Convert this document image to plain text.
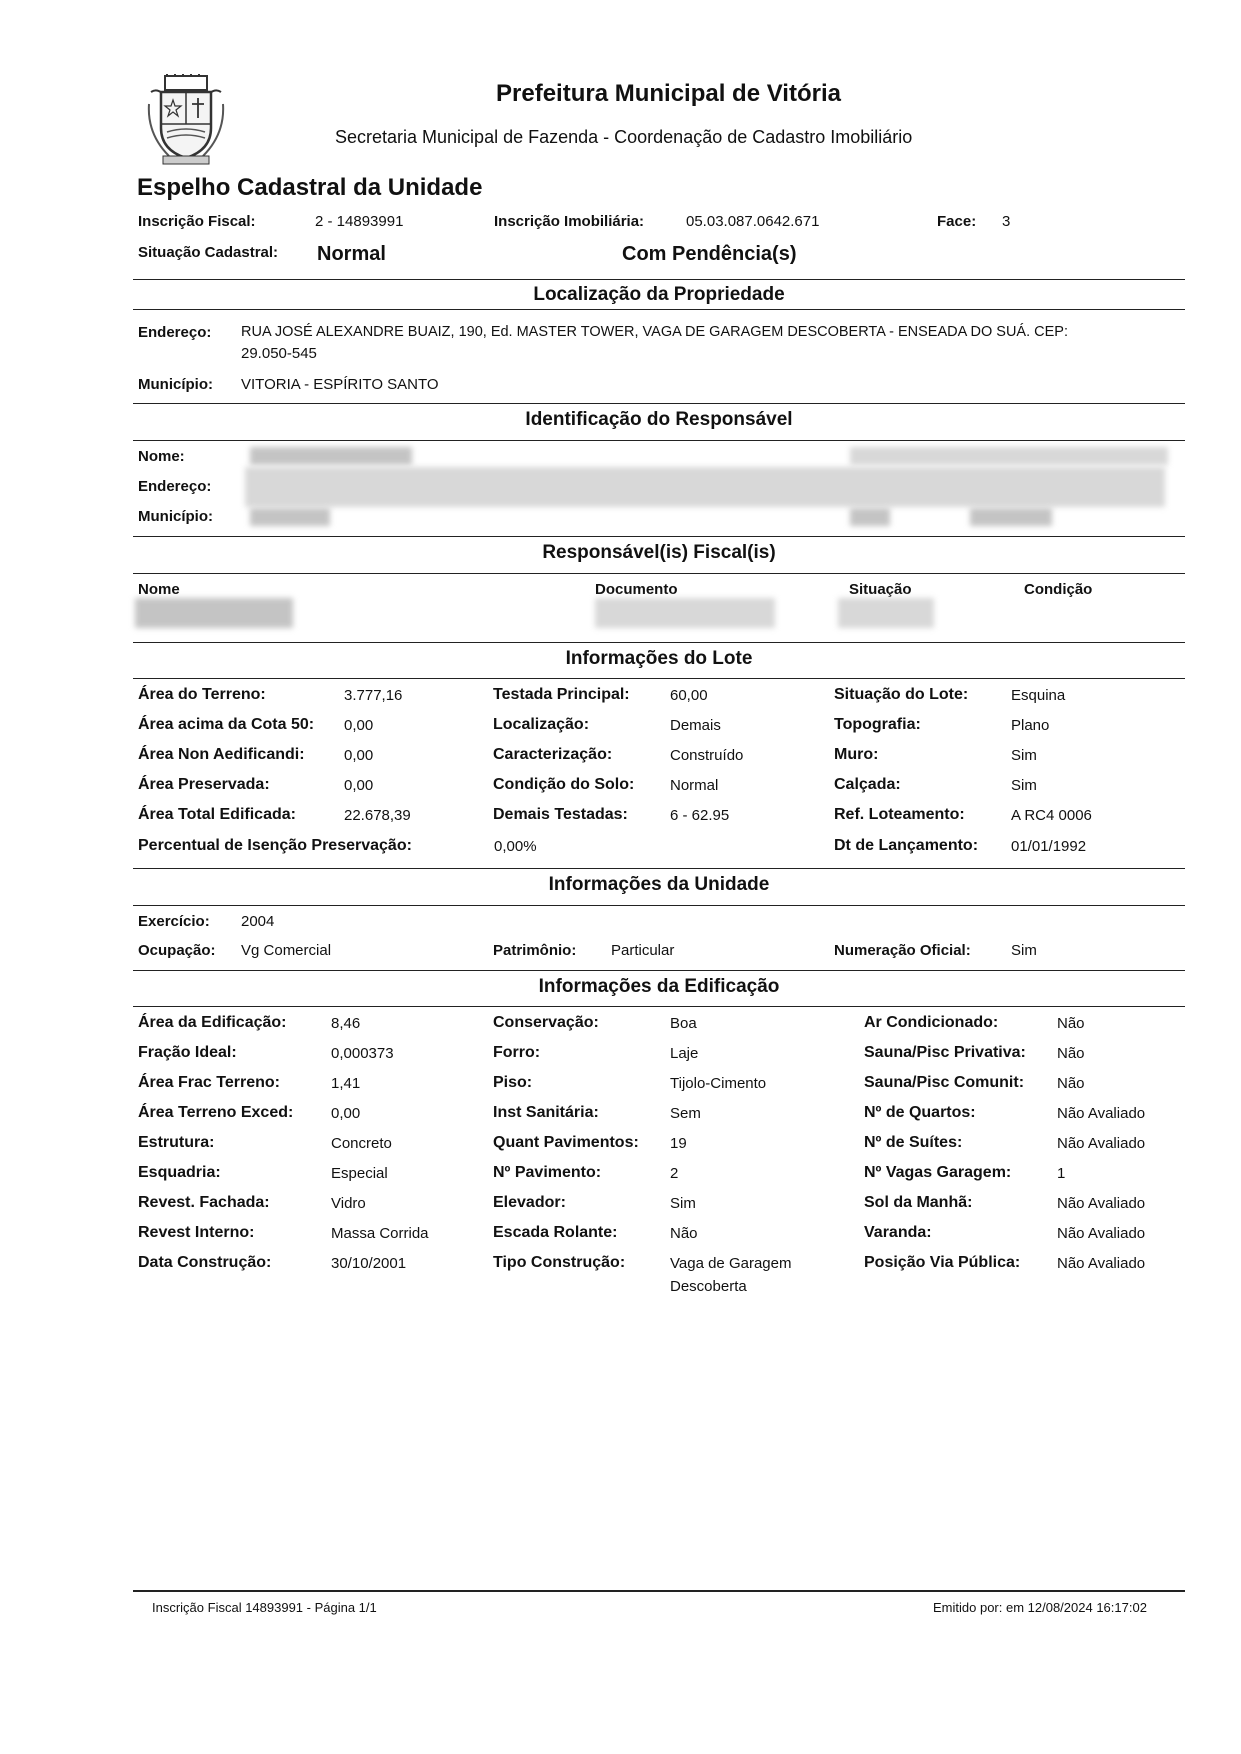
Prefeitura Municipal de Vitória
Secretaria Municipal de Fazenda - Coordenação de Cadastro Imobiliário
Espelho Cadastral da Unidade
Inscrição Fiscal:	2 - 14893991	Inscrição Imobiliária:	05.03.087.0642.671	Face: 3
Situação Cadastral: Normal	Com Pendência(s)
Localização da Propriedade
Endereço: RUA JOSÉ ALEXANDRE BUAIZ, 190, Ed. MASTER TOWER, VAGA DE GARAGEM DESCOBERTA - ENSEADA DO SUÁ. CEP:
29.050-545
Município: VITORIA - ESPÍRITO SANTO
Identificação do Responsável
Nome:
Endereço:
Município:
Responsável(is) Fiscal(is)
Nome	Documento	Situação	Condição
Informações do Lote
Área do Terreno:	3.777,16	Testada Principal:	60,00	Situação do Lote:	Esquina
Área acima da Cota 50: 0,00	Localização:	Demais	Topografia:	Plano
Área Non Aedificandi:	0,00	Caracterização:	Construído	Muro:	Sim
Área Preservada:	0,00	Condição do Solo: Normal	Calçada:	Sim
Área Total Edificada:	22.678,39	Demais Testadas:	6 - 62.95	Ref. Loteamento:	A RC4 0006
Percentual de Isenção Preservação:	0,00%	Dt de Lançamento: 01/01/1992
Informações da Unidade
Exercício: 2004
Ocupação: Vg Comercial	Patrimônio: Particular	Numeração Oficial:	Sim
Informações da Edificação
Área da Edificação:	8,46	Conservação:	Boa	Ar Condicionado:	Não
Fração Ideal:	0,000373	Forro:	Laje	Sauna/Pisc Privativa: Não
Área Frac Terreno:	1,41	Piso:	Tijolo-Cimento	Sauna/Pisc Comunit: Não
Área Terreno Exced:	0,00	Inst Sanitária:	Sem	Nº de Quartos:	Não Avaliado
Estrutura:	Concreto	Quant Pavimentos: 19	Nº de Suítes:	Não Avaliado
Esquadria:	Especial	Nº Pavimento:	2	Nº Vagas Garagem:	1
Revest. Fachada:	Vidro	Elevador:	Sim	Sol da Manhã:	Não Avaliado
Revest Interno:	Massa Corrida	Escada Rolante:	Não	Varanda:	Não Avaliado
Data Construção:	30/10/2001	Tipo Construção:	Vaga de Garagem	Posição Via Pública: Não Avaliado
Descoberta
Inscrição Fiscal 14893991 - Página 1/1	Emitido por: em 12/08/2024 16:17:02
